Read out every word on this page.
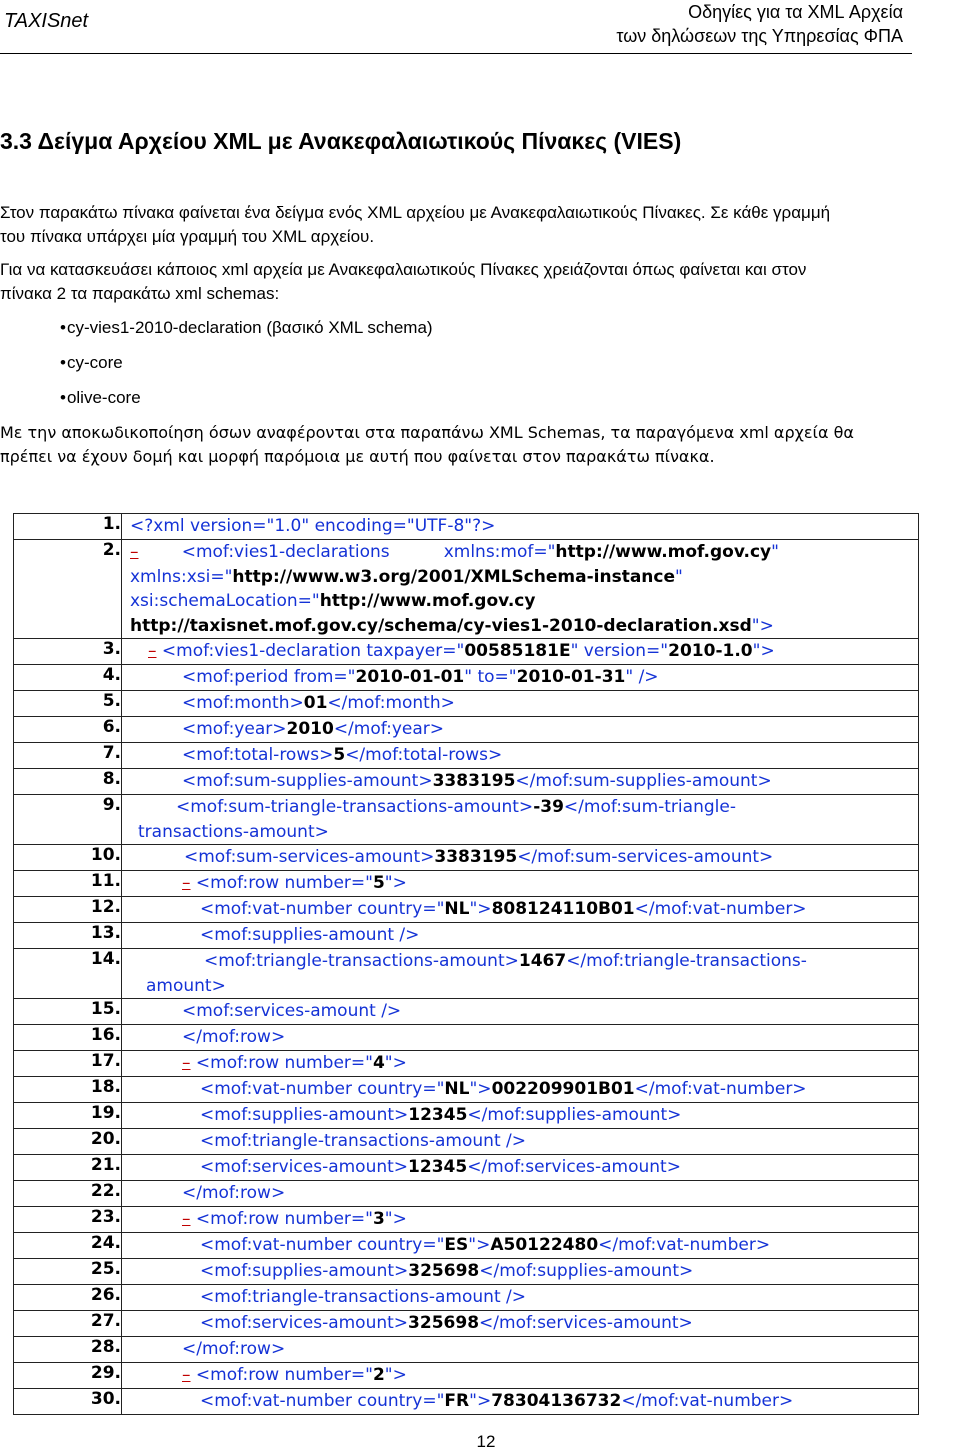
TAXISnet	Οδηγίες για τα XML Αρχεία
των δηλώσεων της Υπηρεσίας ΦΠΑ
3.3 Δείγμα Αρχείου XML με Ανακεφαλαιωτικούς Πίνακες (VIES)

Στον παρακάτω πίνακα φαίνεται ένα δείγμα ενός XML αρχείου με Ανακεφαλαιωτικούς Πίνακες. Σε κάθε γραμμή
του πίνακα υπάρχει μία γραμμή του XML αρχείου.

Για να κατασκευάσει κάποιος xml αρχεία με Ανακεφαλαιωτικούς Πίνακες χρειάζονται όπως φαίνεται και στον
πίνακα 2 τα παρακάτω xml schemas:

• cy-vies1-2010-declaration (βασικό XML schema)
• cy-core
• olive-core

Με την αποκωδικοποίηση όσων αναφέρονται στα παραπάνω XML Schemas, τα παραγόμενα xml αρχεία θα
πρέπει να έχουν δομή και μορφή παρόμοια με αυτή που φαίνεται στον παρακάτω πίνακα.

1.	<?xml version="1.0" encoding="UTF-8"?>
2.	–        <mof:vies1-declarations          xmlns:mof="http://www.mof.gov.cy"
xmlns:xsi="http://www.w3.org/2001/XMLSchema-instance"
xsi:schemaLocation="http://www.mof.gov.cy
http://taxisnet.mof.gov.cy/schema/cy-vies1-2010-declaration.xsd">
3.	– <mof:vies1-declaration taxpayer="00585181E" version="2010-1.0">
4.	<mof:period from="2010-01-01" to="2010-01-31" />
5.	<mof:month>01</mof:month>
6.	<mof:year>2010</mof:year>
7.	<mof:total-rows>5</mof:total-rows>
8.	<mof:sum-supplies-amount>3383195</mof:sum-supplies-amount>
9.	<mof:sum-triangle-transactions-amount>-39</mof:sum-triangle-
transactions-amount>
10.	<mof:sum-services-amount>3383195</mof:sum-services-amount>
11.	– <mof:row number="5">
12.	<mof:vat-number country="NL">808124110B01</mof:vat-number>
13.	<mof:supplies-amount />
14.	<mof:triangle-transactions-amount>1467</mof:triangle-transactions-
amount>
15.	<mof:services-amount />
16.	</mof:row>
17.	– <mof:row number="4">
18.	<mof:vat-number country="NL">002209901B01</mof:vat-number>
19.	<mof:supplies-amount>12345</mof:supplies-amount>
20.	<mof:triangle-transactions-amount />
21.	<mof:services-amount>12345</mof:services-amount>
22.	</mof:row>
23.	– <mof:row number="3">
24.	<mof:vat-number country="ES">A50122480</mof:vat-number>
25.	<mof:supplies-amount>325698</mof:supplies-amount>
26.	<mof:triangle-transactions-amount />
27.	<mof:services-amount>325698</mof:services-amount>
28.	</mof:row>
29.	– <mof:row number="2">
30.	<mof:vat-number country="FR">78304136732</mof:vat-number>
12
